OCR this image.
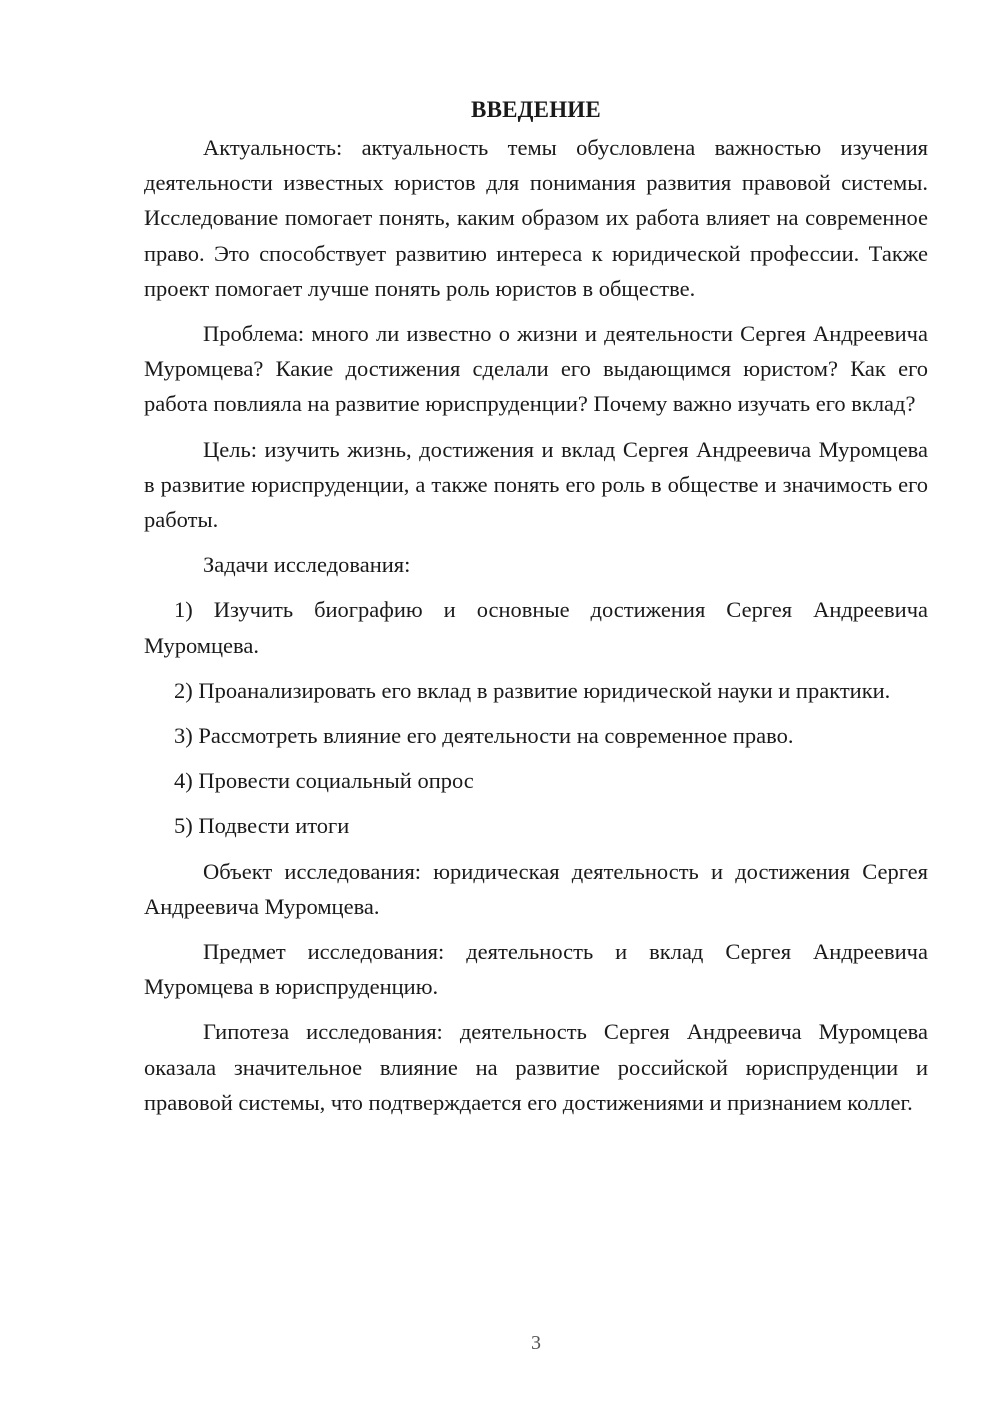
ВВЕДЕНИЕ

Актуальность: актуальность темы обусловлена важностью изучения деятельности известных юристов для понимания развития правовой системы. Исследование помогает понять, каким образом их работа влияет на современное право. Это способствует развитию интереса к юридической профессии. Также проект помогает лучше понять роль юристов в обществе.

Проблема: много ли известно о жизни и деятельности Сергея Андреевича Муромцева? Какие достижения сделали его выдающимся юристом? Как его работа повлияла на развитие юриспруденции? Почему важно изучать его вклад?

Цель: изучить жизнь, достижения и вклад Сергея Андреевича Муромцева в развитие юриспруденции, а также понять его роль в обществе и значимость его работы.

Задачи исследования:

1) Изучить биографию и основные достижения Сергея Андреевича Муромцева.

2) Проанализировать его вклад в развитие юридической науки и практики.

3) Рассмотреть влияние его деятельности на современное право.

4) Провести социальный опрос

5) Подвести итоги

Объект исследования: юридическая деятельность и достижения Сергея Андреевича Муромцева.

Предмет исследования: деятельность и вклад Сергея Андреевича Муромцева в юриспруденцию.

Гипотеза исследования: деятельность Сергея Андреевича Муромцева оказала значительное влияние на развитие российской юриспруденции и правовой системы, что подтверждается его достижениями и признанием коллег.

3
